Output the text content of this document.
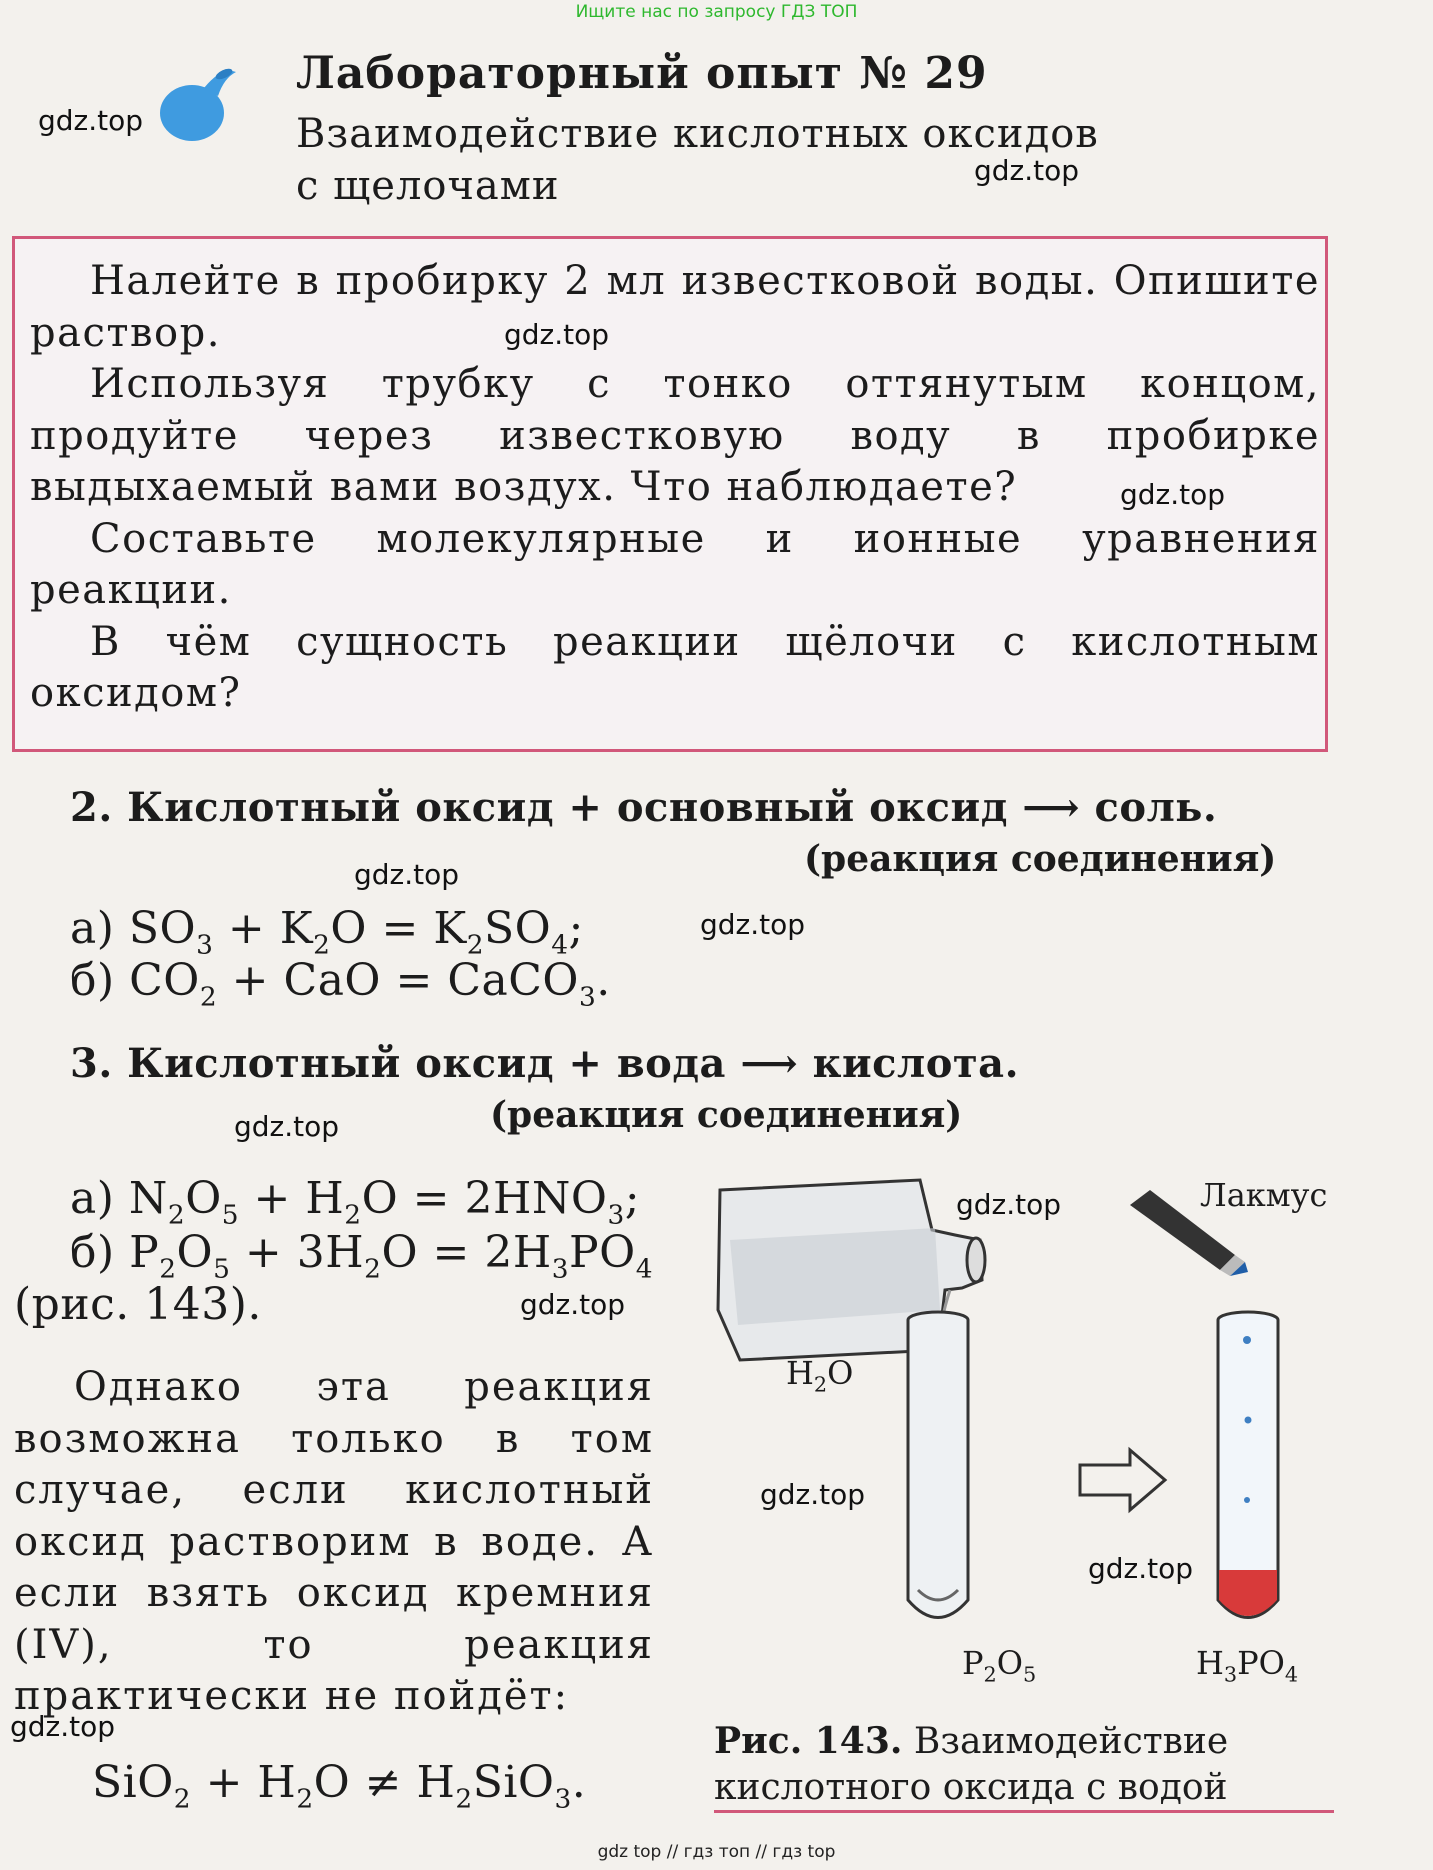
Ищите нас по запросу ГДЗ ТОП
gdz top // гдз топ // гдз top
Лабораторный опыт № 29
Взаимодействие кислотных оксидов
с щелочами

Налейте в пробирку 2 мл известковой воды. Опишите раствор.

Используя трубку с тонко оттянутым концом, продуйте через известковую воду в пробирке выдыхаемый вами воздух. Что наблюдаете?

Составьте молекулярные и ионные уравнения реакции.

В чём сущность реакции щёлочи с кислотным оксидом?

2. Кислотный оксид + основный оксид ⟶ соль.
(реакция соединения)
а) $SO_3 + K_2O = K_2SO_4$;
б) $CO_2$ + CaO = CaCO$_3$.
3. Кислотный оксид + вода ⟶ кислота.
(реакция соединения)
а) $N_2O_5 + H_2O = 2HNO_3$;
б) $P_2O_5 + 3H_2O = 2H_3PO_4$
(рис. 143).

Однако эта реакция возможна только в том случае, если кислотный оксид растворим в воде. А если взять оксид кремния (IV), то реакция практически не пойдёт:

$SiO_2 + H_2O \ne H_2SiO_3$.
Лакмус
$H_2O$
$P_2O_5$	$H_3PO_4$
Рис. 143. Взаимодействие
кислотного оксида с водой
gdz.top
gdz.top
gdz.top
gdz.top
gdz.top
gdz.top
gdz.top
gdz.top
gdz.top
gdz.top
gdz.top
gdz.top
